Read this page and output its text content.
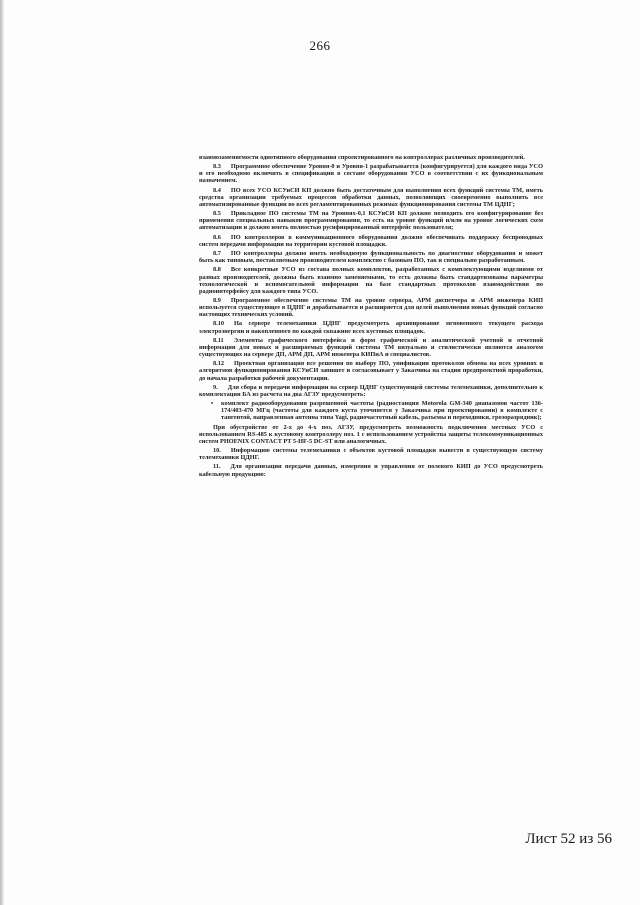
266

взаимозаменяемости однотипного оборудования спроектированного на контроллерах различных производителей.

8.3 Программное обеспечение Уровня-0 и Уровня-1 разрабатывается (конфигурируется) для каждого вида УСО и его необходимо включить в спецификации в составе оборудования УСО в соответствии с их функциональным назначением.

8.4 ПО всех УСО КСУиСИ КП должно быть достаточным для выполнения всех функций системы ТМ, иметь средства организации требуемых процессов обработки данных, позволяющих своевременно выполнять все автоматизированные функции во всех регламентированных режимах функционирования системы ТМ ЦДНГ;

8.5 Прикладное ПО системы ТМ на Уровнях-0,1 КСУиСИ КП должно позводить его конфигурирование без применения специальных навыков программирования, то есть на уровне функций и/или на уровне логических схем автоматизации и должно иметь полностью русифицированный интерфейс пользователя;

8.6 ПО контроллеров в коммуникационного оборудования должно обеспечивать поддержку беспроводных систем передачи информации на территории кустовой площадки.

8.7 ПО контроллеры должно иметь необходимую функциональность по диагностике оборудования и может быть как типовым, поставляемым производителем комплектно с базовым ПО, так и специально разработанным.

8.8 Все конкретные УСО из состава полных комплектов, разработанных с комплектующими изделиями от разных производителей, должны быть взаимно заменяемыми, то есть должны быть стандартизованы параметры технологической и вспомогательной информации на базе стандартных протоколов взаимодействия по радиоинтерфейсу для каждого типа УСО.

8.9 Программное обеспечение системы ТМ на уровне сервера, АРМ диспетчера и АРМ инженера КИП используется существующее в ЦДНГ и дорабатывается и расширяется для целей выполнения новых функций согласно настоящих технических условий.

8.10 На сервере телемеханики ЦДНГ предусмотреть архивирование мгновенного текущего расхода электроэнергии и накопленного по каждой скважине всех кустовых площадок.

8.11 Элементы графического интерфейса и форм графической и аналитической учетной и отчетной информации для новых и расширяемых функций системы ТМ визуально и стилистически являются аналогом существующих на сервере ДП, АРМ ДП, АРМ инженера КИПиА и специалистов.

8.12 Проектная организация все решения по выбору ПО, унификации протоколов обмена на всех уровнях и алгоритмов функционирования КСУиСИ запишет и согласовывает у Заказчика на стадии предпроектной проработки, до начала разработки рабочей документации.

9. Для сбора и передачи информации на сервер ЦДНГ существующей системы телемеханики, дополнительно к комплектации БА из расчета на два АГЗУ предусмотреть:

• комплект радиооборудования разрешенной частоты (радиостанция Motorola GM-340 диапазонов частот 136-174/403-470 МГц (частоты для каждого куста уточняется у Заказчика при проектировании) в комплекте с тангентой, направленная антенна типа Yagi, радиочастотный кабель, разъемы и переходники, грозоразрядник);

При обустройстве от 2-х до 4-х поз. АГЗУ, предусмотреть возможность подключения местных УСО с использованием RS-485 к кустовому контроллеру поз. 1 с использованием устройства защиты телекоммуникационных систем PHOENIX CONTACT PT 5-HF-5 DC-ST или аналогичных.

10. Информацию системы телемеханики с объектов кустовой площадки вывести в существующую систему телемеханики ЦДНГ.

11. Для организации передачи данных, измерения и управления от полевого КИП до УСО предусмотреть кабельную продукцию:

Лист 52 из 56
